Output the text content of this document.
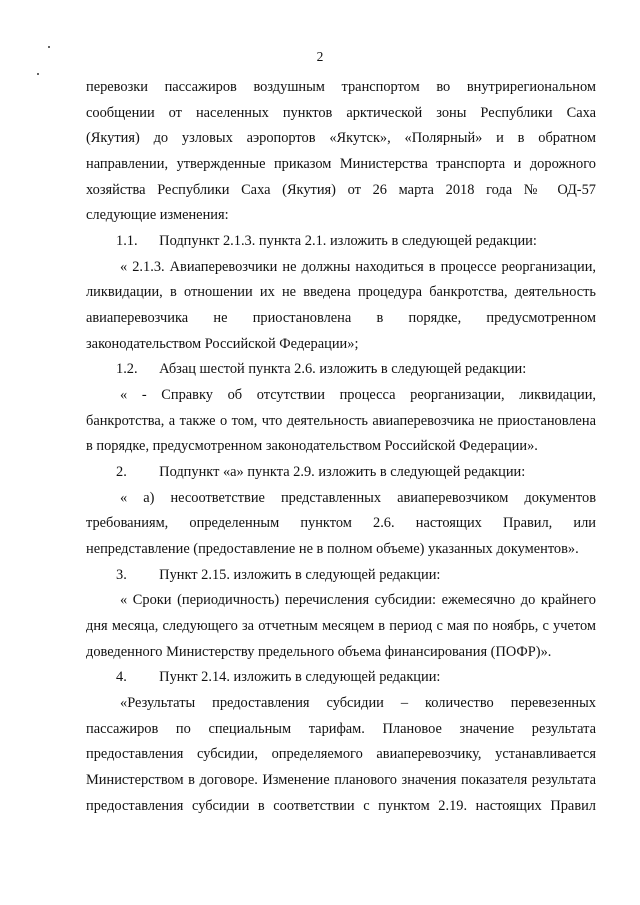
2
перевозки пассажиров воздушным транспортом во внутрирегиональном
сообщении от населенных пунктов арктической зоны Республики Саха
(Якутия) до узловых аэропортов «Якутск», «Полярный» и в обратном
направлении, утвержденные приказом Министерства транспорта и дорожного
хозяйства Республики Саха (Якутия) от 26 марта 2018 года № ОД-57
следующие изменения:
1.1.      Подпункт 2.1.3. пункта 2.1. изложить в следующей редакции:
« 2.1.3. Авиаперевозчики не должны находиться в процессе реорганизации,
ликвидации, в отношении их не введена процедура банкротства, деятельность
авиаперевозчика не приостановлена в порядке, предусмотренном
законодательством Российской Федерации»;
1.2.      Абзац шестой пункта 2.6. изложить в следующей редакции:
« - Справку об отсутствии процесса реорганизации, ликвидации,
банкротства, а также о том, что деятельность авиаперевозчика не приостановлена
в порядке, предусмотренном законодательством Российской Федерации».
2.         Подпункт «а» пункта 2.9. изложить в следующей редакции:
« а) несоответствие представленных авиаперевозчиком документов
требованиям, определенным пунктом 2.6. настоящих Правил, или
непредставление (предоставление не в полном объеме) указанных документов».
3.         Пункт 2.15. изложить в следующей редакции:
« Сроки (периодичность) перечисления субсидии: ежемесячно до крайнего
дня месяца, следующего за отчетным месяцем в период с мая по ноябрь, с учетом
доведенного Министерству предельного объема финансирования (ПОФР)».
4.         Пункт 2.14. изложить в следующей редакции:
«Результаты предоставления субсидии – количество перевезенных
пассажиров по специальным тарифам. Плановое значение результата
предоставления субсидии, определяемого авиаперевозчику, устанавливается
Министерством в договоре. Изменение планового значения показателя результата
предоставления субсидии в соответствии с пунктом 2.19. настоящих Правил
